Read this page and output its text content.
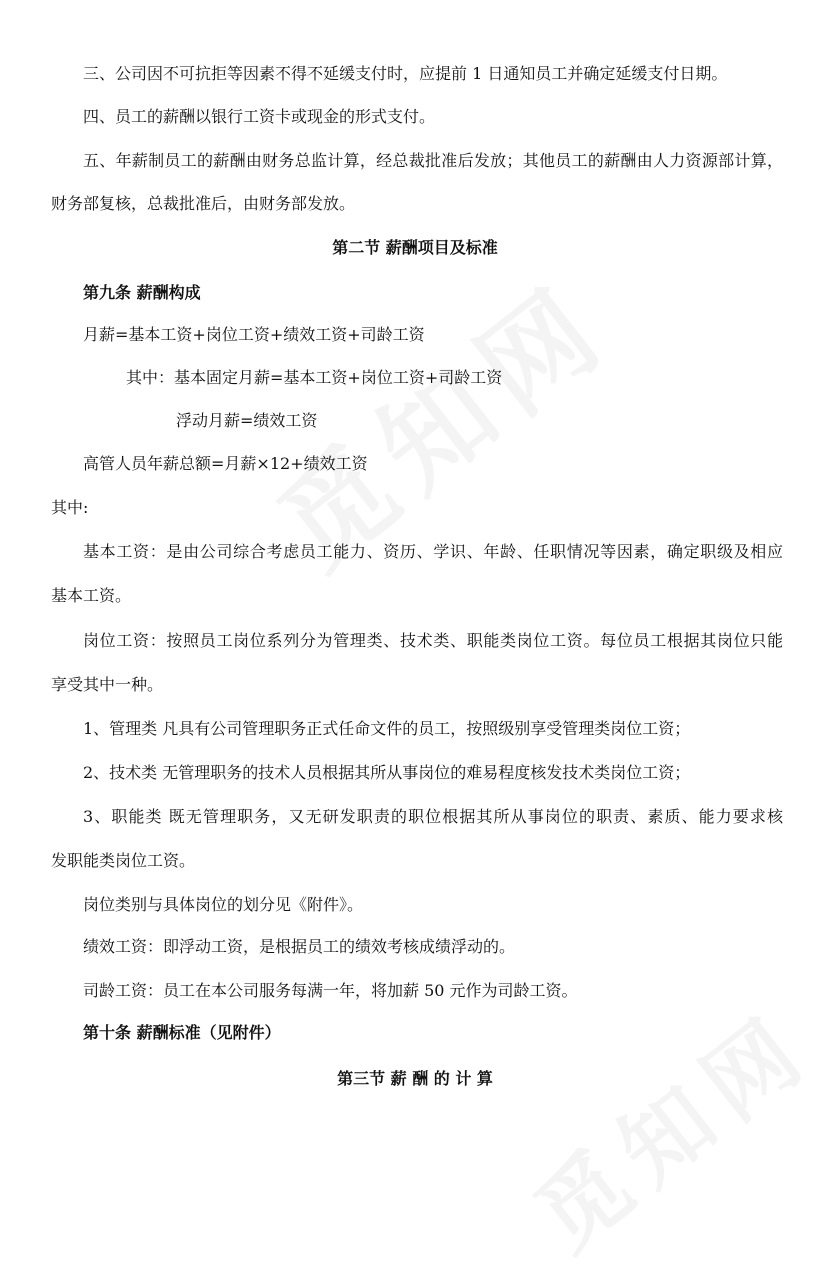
三、公司因不可抗拒等因素不得不延缓支付时，应提前 1 日通知员工并确定延缓支付日期。
四、员工的薪酬以银行工资卡或现金的形式支付。
五、年薪制员工的薪酬由财务总监计算，经总裁批准后发放；其他员工的薪酬由人力资源部计算，
财务部复核，总裁批准后，由财务部发放。
第二节 薪酬项目及标准
第九条 薪酬构成
月薪=基本工资+岗位工资+绩效工资+司龄工资
其中：基本固定月薪=基本工资+岗位工资+司龄工资
浮动月薪=绩效工资
高管人员年薪总额=月薪×12+绩效工资
其中:
基本工资：是由公司综合考虑员工能力、资历、学识、年龄、任职情况等因素，确定职级及相应
基本工资。
岗位工资：按照员工岗位系列分为管理类、技术类、职能类岗位工资。每位员工根据其岗位只能
享受其中一种。
1、管理类 凡具有公司管理职务正式任命文件的员工，按照级别享受管理类岗位工资；
2、技术类 无管理职务的技术人员根据其所从事岗位的难易程度核发技术类岗位工资；
3、职能类 既无管理职务，又无研发职责的职位根据其所从事岗位的职责、素质、能力要求核
发职能类岗位工资。
岗位类别与具体岗位的划分见《附件》。
绩效工资：即浮动工资，是根据员工的绩效考核成绩浮动的。
司龄工资：员工在本公司服务每满一年，将加薪 50 元作为司龄工资。
第十条 薪酬标准（见附件）
第三节 薪 酬 的 计 算
